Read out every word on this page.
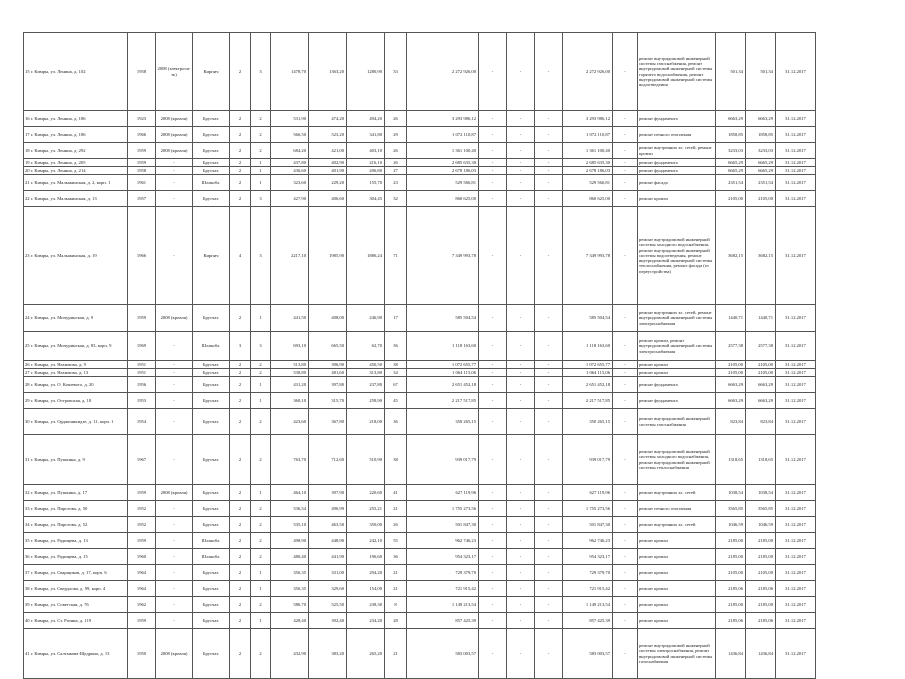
15 г. Кимры, ул. Ленина, д. 102	1958	2008 (электросн-ть)	Кирпич	2	3	1478,70	1363,20	1280,90	33	2 272 926,00	-	-	-	2 272 926,00	-	ремонт внутридомовой инженерной системы газоснабжения, ремонт внутридомовой инженерной системы горячего водоснабжения, ремонт внутридомовой инженерной системы водоотведения	501,34	501,34	31.12.2017
16 г. Кимры, ул. Ленина, д. 186	1923	2008 (кровля)	Брусчат.	2	2	531,90	474,20	494,20	26	3 293 986,12	-	-	-	3 293 986,12	-	ремонт фундамента	6663,29	6663,29	31.12.2017
17 г. Кимры, ул. Ленина, д. 186	1966	2008 (кровля)	Брусчат.	2	2	566,50	523,20	341,80	29	1 072 110,87	-	-	-	1 072 110,87	-	ремонт печного отопления	1858,85	1858,85	31.12.2017
18 г. Кимры, ул. Ленина, д. 292	1959	2008 (кровля)	Брусчат.	2	2	684,20	421,00	403,10	26	1 361 100,40	-	-	-	1 361 100,40	-	ремонт внутренних эл. сетей, ремонт кровли	3233,03	3233,03	31.12.2017
19 г. Кимры, ул. Ленина, д. 205	1959	-	Брусчат.	2	1	437,80	402,90	216,10	26	2 685 635,30	-	-	-	2 685 635,30	-	ремонт фундамента	6665,29	6665,29	31.12.2017
20 г. Кимры, ул. Ленина, д. 214	1958	-	Брусчат.	2	1	436,60	401,90	206,80	27	2 678 186,03	-	-	-	2 678 186,03	-	ремонт фундамента	6665,29	6665,29	31.12.2017
21 г. Кимры, ул. Малыжинская, д. 2, корп. 1	1961	-	Шлакобл.	2	1	323,60	229,20	155,70	23	529 566,81	-	-	-	529 566,81	-	ремонт фасада	2351,54	2351,54	31.12.2017
22 г. Кимры, ул. Малыжинская, д. 13	1957	-	Брусчат.	2	3	427,90	406,60	304,45	32	860 625,00	-	-	-	860 625,00	-	ремонт кровли	2105,00	2105,00	31.12.2017
23 г. Кимры, ул. Малыжинская, д. 19	1966	-	Кирпич	4	3	2217,10	1985,90	1886,24	71	7 349 993,78	-	-	-	7 349 993,78	-	ремонт внутридомовой инженерной системы холодного водоснабжения, ремонт внутридомовой инженерной системы водоотведения, ремонт внутридомовой инженерной системы теплоснабжения, ремонт фасада (от переустройства)	3682,15	3682,15	31.12.2017
24 г. Кимры, ул. Мичуринская, д. 9	1959	2008 (кровля)	Брусчат.	2	1	441,50	408,00	246,90	17	585 504,54	-	-	-	585 504,54	-	ремонт внутренних эл. сетей, ремонт внутридомовой инженерной системы электроснабжения	1440,71	1440,71	31.12.2017
25 г. Кимры, ул. Мичуринская, д. 83, корп. 9	1969	-	Шлакобл.	3	3	693,10	665,50	62,70	36	1 118 163,60	-	-	-	1 118 163,60	-	ремонт кровли, ремонт внутридомовой инженерной системы электроснабжения	2577,38	2577,38	31.12.2017
26 г. Кимры, ул. Нахимова, д. 9	1951	-	Брусчат.	2	2	513,80	396,90	450,50	38	1 072 655,77	-	-	-	1 072 655,77	-	ремонт кровли	2105,00	2105,00	31.12.2017
27 г. Кимры, ул. Нахимова, д. 13	1951	-	Брусчат.	2	2	538,80	481,60	313,80	34	1 064 115,06	-	-	-	1 064 115,06	-	ремонт кровли	2105,00	2105,00	31.12.2017
28 г. Кимры, ул. О. Кошевого, д. 20	1956	-	Брусчат.	2	1	431,20	397,80	237,80	67	2 651 452,18	-	-	-	2 651 452,18	-	ремонт фундамента	6663,29	6663,29	31.12.2017
29 г. Кимры, ул. Островская, д. 18	1953	-	Брусчат.	2	1	360,10	315,70	258,90	45	2 217 517,85	-	-	-	2 217 517,85	-	ремонт фундамента	6663,29	6663,29	31.12.2017
30 г. Кимры, ул. Орджоникидзе, д. 11, корп. 1	1954	-	Брусчат.	2	2	423,60	367,80	218,00	36	350 265,15	-	-	-	350 265,15	-	ремонт внутридомовой инженерной системы газоснабжения	823,84	823,84	31.12.2017
31 г. Кимры, ул. Пушкина, д. 9	1967	-	Брусчат.	2	2	763,70	712,60	510,90	38	939 017,79	-	-	-	939 017,79	-	ремонт внутридомовой инженерной системы холодного водоснабжения, ремонт внутридомовой инженерной системы теплоснабжения	1318,65	1318,65	31.12.2017
32 г. Кимры, ул. Пушкина, д. 17	1959	2008 (кровля)	Брусчат.	2	1	464,10	397,90	220,60	41	627 119,96	-	-	-	627 119,96	-	ремонт внутренних эл. сетей	1038,54	1038,54	31.12.2017
33 г. Кимры, ул. Пирогова, д. 50	1952	-	Брусчат.	2	2	536,54	496,99	255,21	21	1 755 273,56	-	-	-	1 755 273,56	-	ремонт печного отопления	3565,85	3565,85	31.12.2017
34 г. Кимры, ул. Пирогова, д. 52	1952	-	Брусчат.	2	2	535,10	463,50	350,00	26	501 847,30	-	-	-	501 847,30	-	ремонт внутренних эл. сетей	1046,59	1046,59	31.12.2017
35 г. Кимры, ул. Радищева, д. 13	1959	-	Шлакобл.	2	2	498,90	448,90	242,10	55	962 746,23	-	-	-	962 746,23	-	ремонт кровли	2185,00	2185,00	31.12.2017
36 г. Кимры, ул. Радищева, д. 15	1960	-	Шлакобл.	2	2	480,40	441,90	196,60	36	954 323,17	-	-	-	954 323,17	-	ремонт кровли	2185,00	2185,00	31.12.2017
37 г. Кимры, ул. Сварщиков, д. 17, корп. 6	1964	-	Брусчат.	2	1	356,35	331,00	294,20	21	729 379,70	-	-	-	729 379,70	-	ремонт кровли	2105,00	2105,00	31.12.2017
38 г. Кимры, ул. Свердлова, д. 99, корп. 4	1964	-	Брусчат.	2	1	356,35	329,60	154,00	21	721 915,42	-	-	-	721 915,42	-	ремонт кровли	2185,06	2185,06	31.12.2017
39 г. Кимры, ул. Советская, д. 76	1962	-	Брусчат.	2	2	586,70	525,50	238,30	8	1 149 213,54	-	-	-	1 149 213,54	-	ремонт кровли	2185,00	2185,00	31.12.2017
40 г. Кимры, ул. Ст. Разина, д. 119	1959	-	Брусчат.	2	1	428,40	392,40	234,20	28	857 425,39	-	-	-	857 425,39	-	ремонт кровли	2185,06	2185,06	31.12.2017
41 г. Кимры, ул. Салтыкова-Щедрина, д. 13	1950	2008 (кровля)	Брусчат.	2	2	432,90	383,20	265,20	21	583 003,57	-	-	-	583 003,57	-	ремонт внутридомовой инженерной системы электроснабжения, ремонт внутридомовой инженерной системы газоснабжения	1436,84	1436,84	31.12.2017
